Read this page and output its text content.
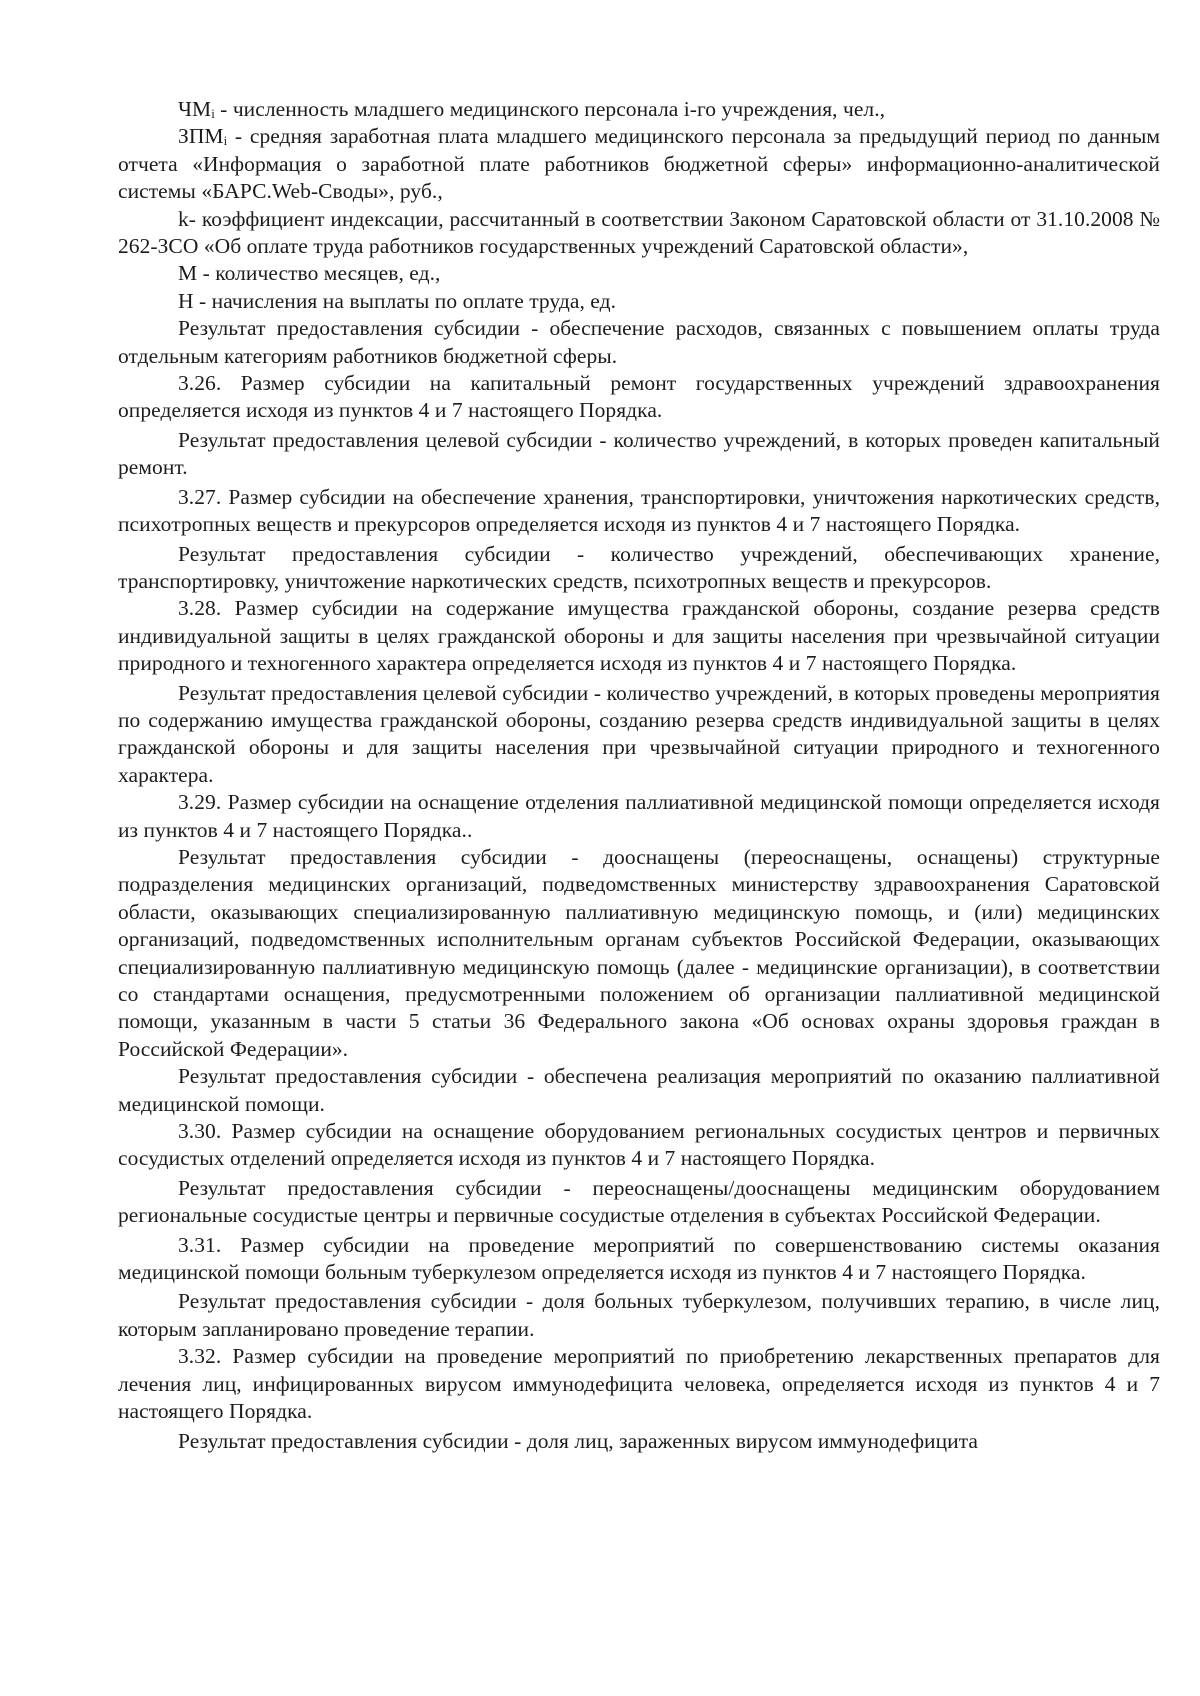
ЧМᵢ - численность младшего медицинского персонала i-го учреждения, чел.,

ЗПМᵢ - средняя заработная плата младшего медицинского персонала за предыдущий период по данным отчета «Информация о заработной плате работников бюджетной сферы» информационно-аналитической системы «БАРС.Web-Своды», руб.,

k- коэффициент индексации, рассчитанный в соответствии Законом Саратовской области от 31.10.2008 № 262-ЗСО «Об оплате труда работников государственных учреждений Саратовской области»,

М - количество месяцев, ед.,

Н - начисления на выплаты по оплате труда, ед.

Результат предоставления субсидии - обеспечение расходов, связанных с повышением оплаты труда отдельным категориям работников бюджетной сферы.

3.26. Размер субсидии на капитальный ремонт государственных учреждений здравоохранения определяется исходя из пунктов 4 и 7 настоящего Порядка.

Результат предоставления целевой субсидии - количество учреждений, в которых проведен капитальный ремонт.

3.27. Размер субсидии на обеспечение хранения, транспортировки, уничтожения наркотических средств, психотропных веществ и прекурсоров определяется исходя из пунктов 4 и 7 настоящего Порядка.

Результат предоставления субсидии - количество учреждений, обеспечивающих хранение, транспортировку, уничтожение наркотических средств, психотропных веществ и прекурсоров.

3.28. Размер субсидии на содержание имущества гражданской обороны, создание резерва средств индивидуальной защиты в целях гражданской обороны и для защиты населения при чрезвычайной ситуации природного и техногенного характера определяется исходя из пунктов 4 и 7 настоящего Порядка.

Результат предоставления целевой субсидии - количество учреждений, в которых проведены мероприятия по содержанию имущества гражданской обороны, созданию резерва средств индивидуальной защиты в целях гражданской обороны и для защиты населения при чрезвычайной ситуации природного и техногенного характера.

3.29. Размер субсидии на оснащение отделения паллиативной медицинской помощи определяется исходя из пунктов 4 и 7 настоящего Порядка..

Результат предоставления субсидии - дооснащены (переоснащены, оснащены) структурные подразделения медицинских организаций, подведомственных министерству здравоохранения Саратовской области, оказывающих специализированную паллиативную медицинскую помощь, и (или) медицинских организаций, подведомственных исполнительным органам субъектов Российской Федерации, оказывающих специализированную паллиативную медицинскую помощь (далее - медицинские организации), в соответствии со стандартами оснащения, предусмотренными положением об организации паллиативной медицинской помощи, указанным в части 5 статьи 36 Федерального закона «Об основах охраны здоровья граждан в Российской Федерации».

Результат предоставления субсидии - обеспечена реализация мероприятий по оказанию паллиативной медицинской помощи.

3.30. Размер субсидии на оснащение оборудованием региональных сосудистых центров и первичных сосудистых отделений определяется исходя из пунктов 4 и 7 настоящего Порядка.

Результат предоставления субсидии - переоснащены/дооснащены медицинским оборудованием региональные сосудистые центры и первичные сосудистые отделения в субъектах Российской Федерации.

3.31. Размер субсидии на проведение мероприятий по совершенствованию системы оказания медицинской помощи больным туберкулезом определяется исходя из пунктов 4 и 7 настоящего Порядка.

Результат предоставления субсидии - доля больных туберкулезом, получивших терапию, в числе лиц, которым запланировано проведение терапии.

3.32. Размер субсидии на проведение мероприятий по приобретению лекарственных препаратов для лечения лиц, инфицированных вирусом иммунодефицита человека, определяется исходя из пунктов 4 и 7 настоящего Порядка.

Результат предоставления субсидии - доля лиц, зараженных вирусом иммунодефицита
